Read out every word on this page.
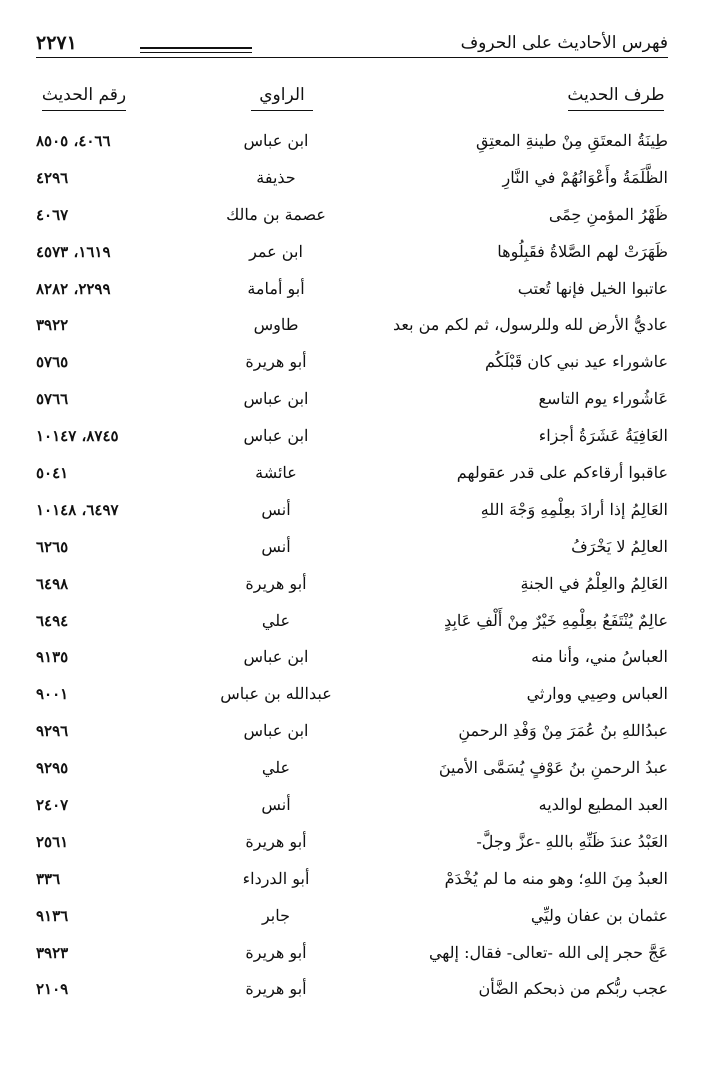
٢٢٧١	فهرس الأحاديث على الحروف
طرف الحديث
الراوي
رقم الحديث
طِينَةُ المعتَقِ مِنْ طينةِ المعتِقِ
ابن عباس
٤٠٦٦، ٨٥٠٥
الظَّلَمَةُ وأَعْوَانُهُمْ في النَّارِ
حذيفة
٤٢٩٦
ظَهْرُ المؤمنِ حِمًى
عصمة بن مالك
٤٠٦٧
ظَهَرَتْ لهم الصَّلاةُ فقَبِلُوها
ابن عمر
١٦١٩، ٤٥٧٣
عاتبوا الخيل فإنها تُعتب
أبو أمامة
٢٢٩٩، ٨٢٨٢
عاديُّ الأرض لله وللرسول، ثم لكم من بعد
طاوس
٣٩٢٢
عاشوراء عيد نبي كان قَبْلَكُم
أبو هريرة
٥٧٦٥
عَاشُوراء يوم التاسع
ابن عباس
٥٧٦٦
العَافِيَةُ عَشَرَةُ أجزاء
ابن عباس
٨٧٤٥، ١٠١٤٧
عاقبوا أرقاءكم على قدر عقولهم
عائشة
٥٠٤١
العَالِمُ إذا أرادَ بعِلْمِهِ وَجْهَ اللهِ
أنس
٦٤٩٧، ١٠١٤٨
العالِمُ لا يَخْرَفُ
أنس
٦٢٦٥
العَالِمُ والعِلْمُ في الجنةِ
أبو هريرة
٦٤٩٨
عالِمٌ يُنْتَفَعُ بعِلْمِهِ خَيْرٌ مِنْ أَلْفِ عَابِدٍ
علي
٦٤٩٤
العباسُ مني، وأنا منه
ابن عباس
٩١٣٥
العباس وصِيي ووارثي
عبدالله بن عباس
٩٠٠١
عبدُاللهِ بنُ عُمَرَ مِنْ وَفْدِ الرحمنِ
ابن عباس
٩٢٩٦
عبدُ الرحمنِ بنُ عَوْفٍ يُسَمَّى الأمينَ
علي
٩٢٩٥
العبد المطيع لوالديه
أنس
٢٤٠٧
العَبْدُ عندَ ظَنِّهِ باللهِ -عزَّ وجلَّ-
أبو هريرة
٢٥٦١
العبدُ مِنَ اللهِ؛ وهو منه ما لم يُخْدَمْ
أبو الدرداء
٣٣٦
عثمان بن عفان وليِّي
جابر
٩١٣٦
عَجَّ حجر إلى الله -تعالى- فقال: إلهي
أبو هريرة
٣٩٢٣
عجب ربُّكم من ذبحكم الضَّأن
أبو هريرة
٢١٠٩
